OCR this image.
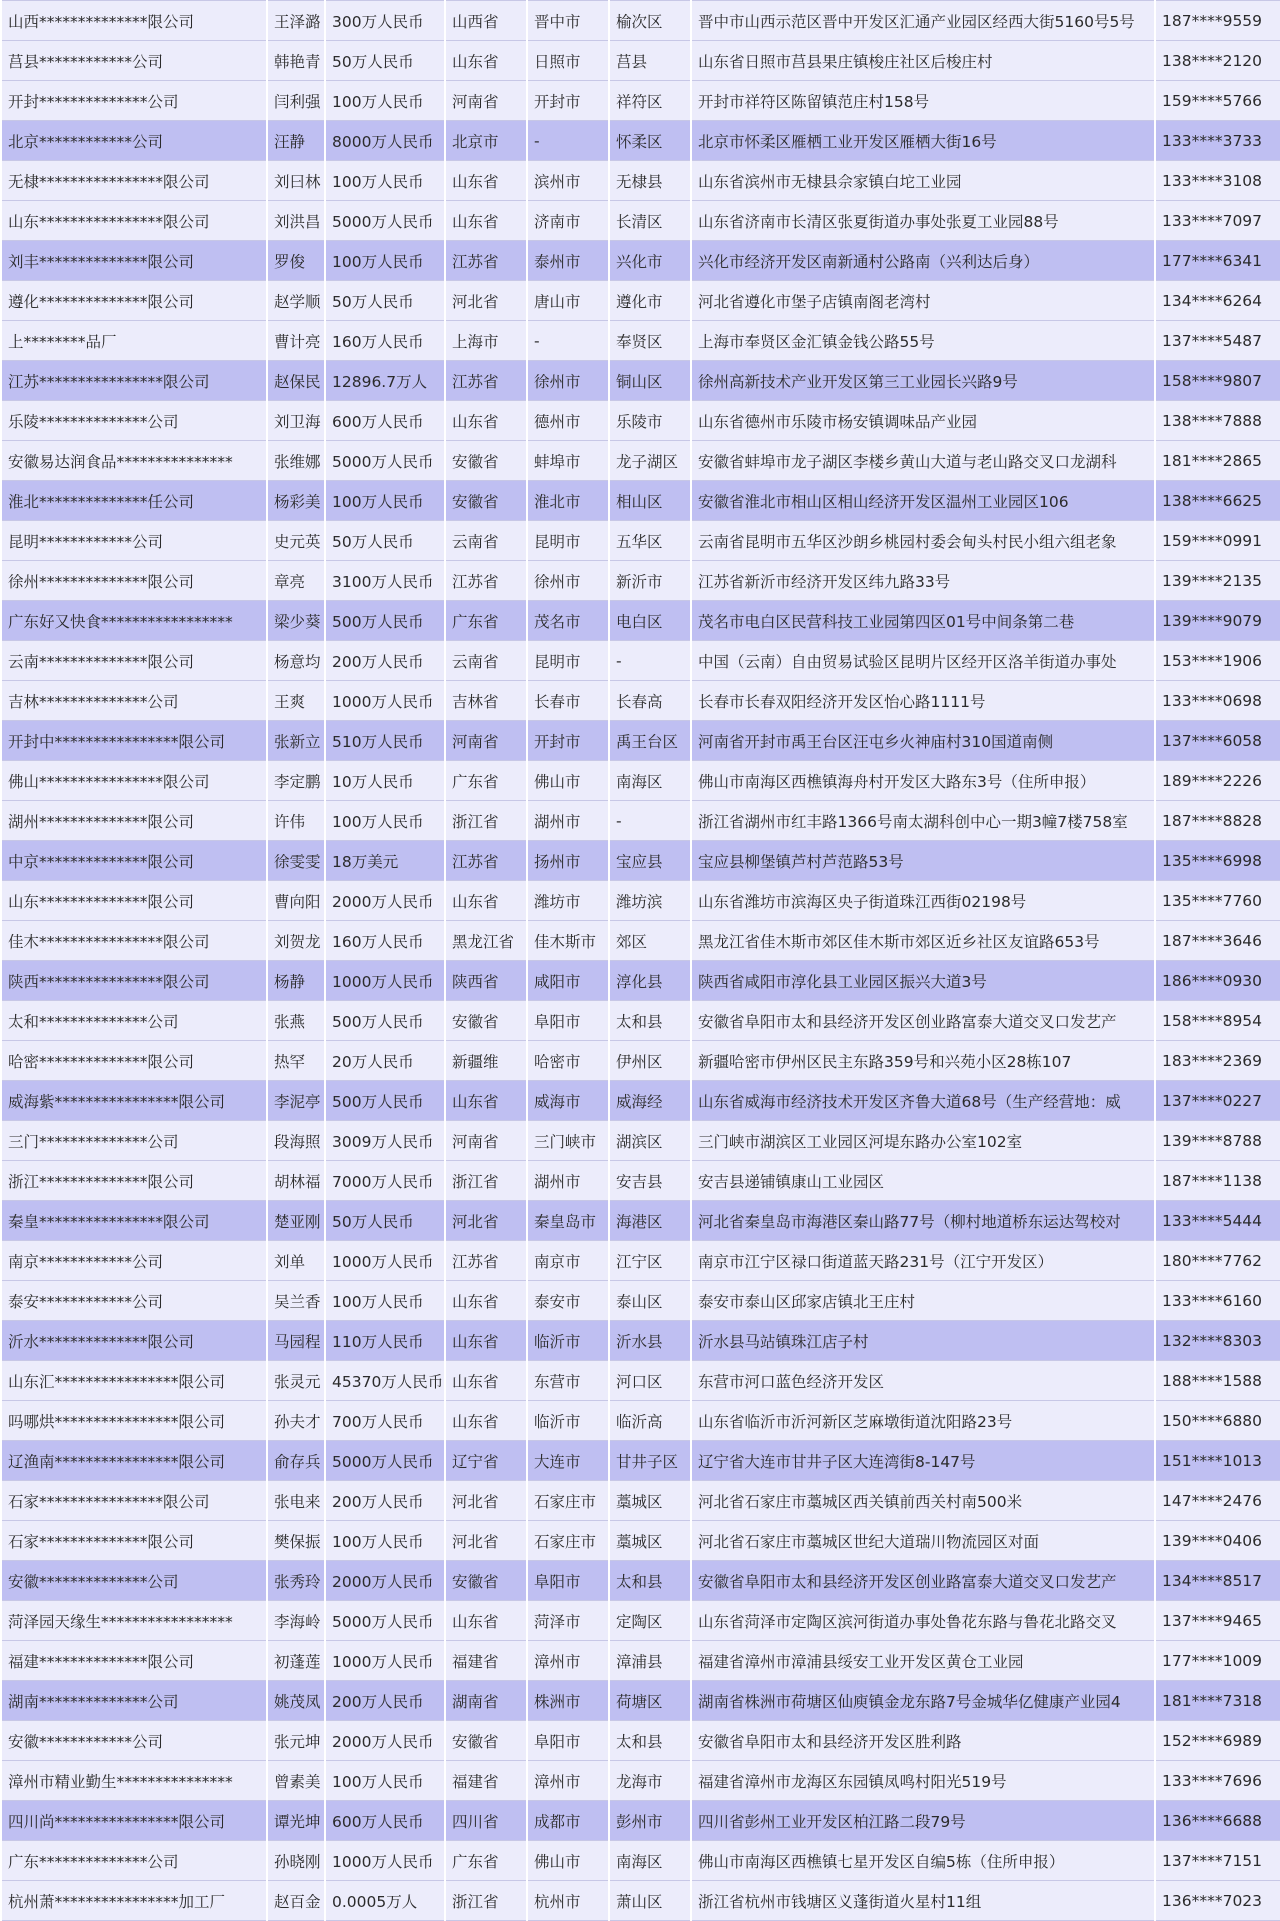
山西**************限公司	王泽潞	300万人民币	山西省	晋中市	榆次区	晋中市山西示范区晋中开发区汇通产业园区经西大街5160号5号	187****9559
莒县************公司	韩艳青	50万人民币	山东省	日照市	莒县	山东省日照市莒县果庄镇梭庄社区后梭庄村	138****2120
开封**************公司	闫利强	100万人民币	河南省	开封市	祥符区	开封市祥符区陈留镇范庄村158号	159****5766
北京************公司	汪静	8000万人民币	北京市	-	怀柔区	北京市怀柔区雁栖工业开发区雁栖大街16号	133****3733
无棣****************限公司	刘曰林	100万人民币	山东省	滨州市	无棣县	山东省滨州市无棣县佘家镇白坨工业园	133****3108
山东****************限公司	刘洪昌	5000万人民币	山东省	济南市	长清区	山东省济南市长清区张夏街道办事处张夏工业园88号	133****7097
刘丰**************限公司	罗俊	100万人民币	江苏省	泰州市	兴化市	兴化市经济开发区南新通村公路南（兴利达后身）	177****6341
遵化**************限公司	赵学顺	50万人民币	河北省	唐山市	遵化市	河北省遵化市堡子店镇南阁老湾村	134****6264
上********品厂	曹计亮	160万人民币	上海市	-	奉贤区	上海市奉贤区金汇镇金钱公路55号	137****5487
江苏****************限公司	赵保民	12896.7万人	江苏省	徐州市	铜山区	徐州高新技术产业开发区第三工业园长兴路9号	158****9807
乐陵**************公司	刘卫海	600万人民币	山东省	德州市	乐陵市	山东省德州市乐陵市杨安镇调味品产业园	138****7888
安徽易达润食品***************	张维娜	5000万人民币	安徽省	蚌埠市	龙子湖区	安徽省蚌埠市龙子湖区李楼乡黄山大道与老山路交叉口龙湖科	181****2865
淮北**************任公司	杨彩美	100万人民币	安徽省	淮北市	相山区	安徽省淮北市相山区相山经济开发区温州工业园区106	138****6625
昆明************公司	史元英	50万人民币	云南省	昆明市	五华区	云南省昆明市五华区沙朗乡桃园村委会甸头村民小组六组老象	159****0991
徐州**************限公司	章亮	3100万人民币	江苏省	徐州市	新沂市	江苏省新沂市经济开发区纬九路33号	139****2135
广东好又快食*****************	梁少葵	500万人民币	广东省	茂名市	电白区	茂名市电白区民营科技工业园第四区01号中间条第二巷	139****9079
云南**************限公司	杨意均	200万人民币	云南省	昆明市	-	中国（云南）自由贸易试验区昆明片区经开区洛羊街道办事处	153****1906
吉林**************公司	王爽	1000万人民币	吉林省	长春市	长春高	长春市长春双阳经济开发区怡心路1111号	133****0698
开封中****************限公司	张新立	510万人民币	河南省	开封市	禹王台区	河南省开封市禹王台区汪屯乡火神庙村310国道南侧	137****6058
佛山****************限公司	李定鹏	10万人民币	广东省	佛山市	南海区	佛山市南海区西樵镇海舟村开发区大路东3号（住所申报）	189****2226
湖州**************限公司	许伟	100万人民币	浙江省	湖州市	-	浙江省湖州市红丰路1366号南太湖科创中心一期3幢7楼758室	187****8828
中京**************限公司	徐雯雯	18万美元	江苏省	扬州市	宝应县	宝应县柳堡镇芦村芦范路53号	135****6998
山东**************限公司	曹向阳	2000万人民币	山东省	潍坊市	潍坊滨	山东省潍坊市滨海区央子街道珠江西街02198号	135****7760
佳木****************限公司	刘贺龙	160万人民币	黑龙江省	佳木斯市	郊区	黑龙江省佳木斯市郊区佳木斯市郊区近乡社区友谊路653号	187****3646
陕西****************限公司	杨静	1000万人民币	陕西省	咸阳市	淳化县	陕西省咸阳市淳化县工业园区振兴大道3号	186****0930
太和**************公司	张燕	500万人民币	安徽省	阜阳市	太和县	安徽省阜阳市太和县经济开发区创业路富泰大道交叉口发艺产	158****8954
哈密**************限公司	热罕	20万人民币	新疆维	哈密市	伊州区	新疆哈密市伊州区民主东路359号和兴苑小区28栋107	183****2369
威海紫****************限公司	李泥亭	500万人民币	山东省	威海市	威海经	山东省威海市经济技术开发区齐鲁大道68号（生产经营地：威	137****0227
三门**************公司	段海照	3009万人民币	河南省	三门峡市	湖滨区	三门峡市湖滨区工业园区河堤东路办公室102室	139****8788
浙江**************限公司	胡林福	7000万人民币	浙江省	湖州市	安吉县	安吉县递铺镇康山工业园区	187****1138
秦皇****************限公司	楚亚刚	50万人民币	河北省	秦皇岛市	海港区	河北省秦皇岛市海港区秦山路77号（柳村地道桥东运达驾校对	133****5444
南京************公司	刘单	1000万人民币	江苏省	南京市	江宁区	南京市江宁区禄口街道蓝天路231号（江宁开发区）	180****7762
泰安************公司	吴兰香	100万人民币	山东省	泰安市	泰山区	泰安市泰山区邱家店镇北王庄村	133****6160
沂水**************限公司	马园程	110万人民币	山东省	临沂市	沂水县	沂水县马站镇珠江店子村	132****8303
山东汇****************限公司	张灵元	45370万人民币	山东省	东营市	河口区	东营市河口蓝色经济开发区	188****1588
吗哪烘****************限公司	孙夫才	700万人民币	山东省	临沂市	临沂高	山东省临沂市沂河新区芝麻墩街道沈阳路23号	150****6880
辽渔南****************限公司	俞存兵	5000万人民币	辽宁省	大连市	甘井子区	辽宁省大连市甘井子区大连湾街8-147号	151****1013
石家****************限公司	张电来	200万人民币	河北省	石家庄市	藁城区	河北省石家庄市藁城区西关镇前西关村南500米	147****2476
石家**************限公司	樊保振	100万人民币	河北省	石家庄市	藁城区	河北省石家庄市藁城区世纪大道瑞川物流园区对面	139****0406
安徽**************公司	张秀玲	2000万人民币	安徽省	阜阳市	太和县	安徽省阜阳市太和县经济开发区创业路富泰大道交叉口发艺产	134****8517
菏泽园天缘生*****************	李海岭	5000万人民币	山东省	菏泽市	定陶区	山东省菏泽市定陶区滨河街道办事处鲁花东路与鲁花北路交叉	137****9465
福建**************限公司	初蓬莲	1000万人民币	福建省	漳州市	漳浦县	福建省漳州市漳浦县绥安工业开发区黄仓工业园	177****1009
湖南**************公司	姚茂凤	200万人民币	湖南省	株洲市	荷塘区	湖南省株洲市荷塘区仙庾镇金龙东路7号金城华亿健康产业园4	181****7318
安徽************公司	张元坤	2000万人民币	安徽省	阜阳市	太和县	安徽省阜阳市太和县经济开发区胜利路	152****6989
漳州市精业勤生***************	曾素美	100万人民币	福建省	漳州市	龙海市	福建省漳州市龙海区东园镇凤鸣村阳光519号	133****7696
四川尚****************限公司	谭光坤	600万人民币	四川省	成都市	彭州市	四川省彭州工业开发区柏江路二段79号	136****6688
广东**************公司	孙晓刚	1000万人民币	广东省	佛山市	南海区	佛山市南海区西樵镇七星开发区自编5栋（住所申报）	137****7151
杭州萧****************加工厂	赵百金	0.0005万人	浙江省	杭州市	萧山区	浙江省杭州市钱塘区义蓬街道火星村11组	136****7023
